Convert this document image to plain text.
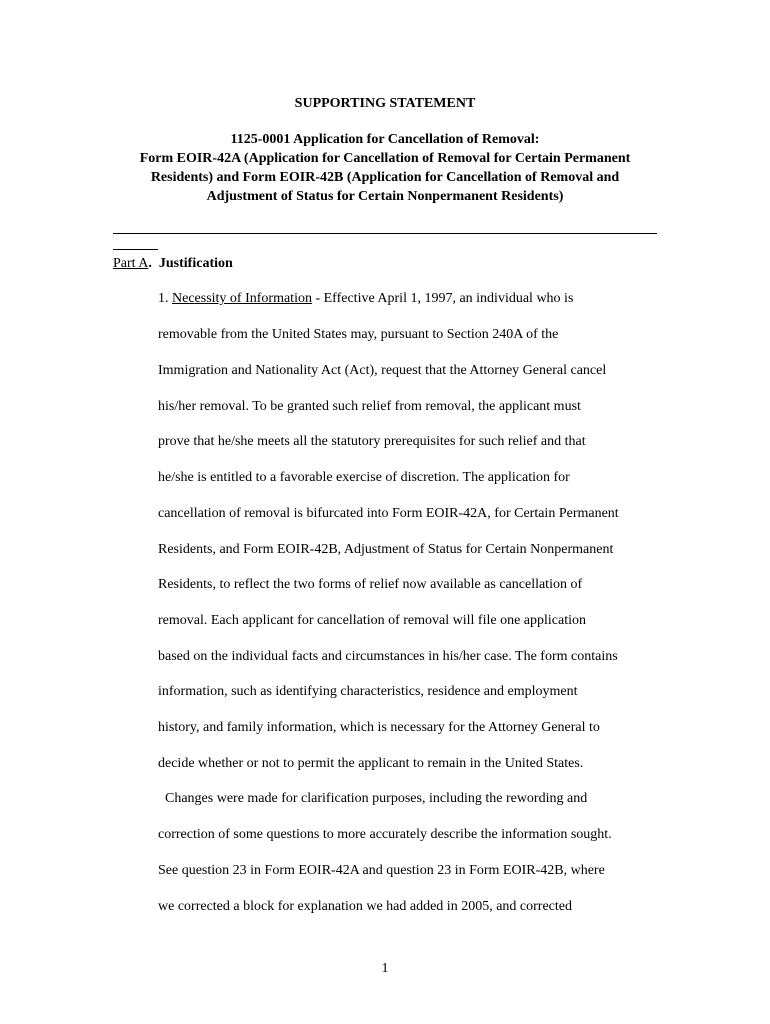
SUPPORTING STATEMENT
1125-0001 Application for Cancellation of Removal:
Form EOIR-42A (Application for Cancellation of Removal for Certain Permanent
Residents) and Form EOIR-42B (Application for Cancellation of Removal and
Adjustment of Status for Certain Nonpermanent Residents)
Part A. Justification
1. Necessity of Information - Effective April 1, 1997, an individual who is
removable from the United States may, pursuant to Section 240A of the
Immigration and Nationality Act (Act), request that the Attorney General cancel
his/her removal. To be granted such relief from removal, the applicant must
prove that he/she meets all the statutory prerequisites for such relief and that
he/she is entitled to a favorable exercise of discretion. The application for
cancellation of removal is bifurcated into Form EOIR-42A, for Certain Permanent
Residents, and Form EOIR-42B, Adjustment of Status for Certain Nonpermanent
Residents, to reflect the two forms of relief now available as cancellation of
removal. Each applicant for cancellation of removal will file one application
based on the individual facts and circumstances in his/her case. The form contains
information, such as identifying characteristics, residence and employment
history, and family information, which is necessary for the Attorney General to
decide whether or not to permit the applicant to remain in the United States.
Changes were made for clarification purposes, including the rewording and
correction of some questions to more accurately describe the information sought.
See question 23 in Form EOIR-42A and question 23 in Form EOIR-42B, where
we corrected a block for explanation we had added in 2005, and corrected
1
